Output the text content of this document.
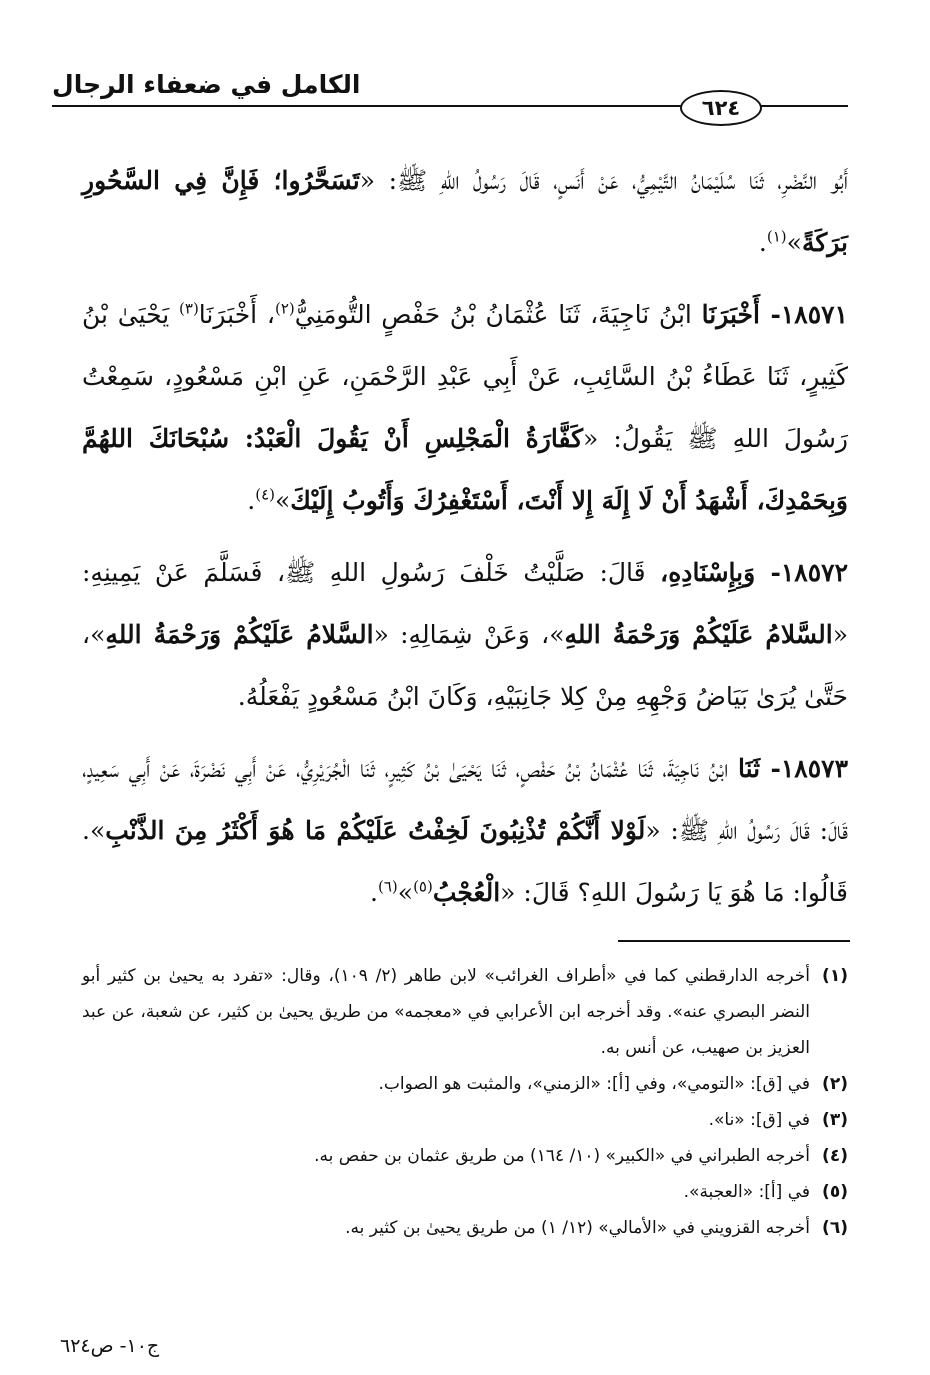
الكامل في ضعفاء الرجال
٦٢٤

أَبُو النَّضْرِ، ثَنَا سُلَيْمَانُ التَّيْمِيُّ، عَنْ أَنَسٍ، قَالَ رَسُولُ اللهِ ﷺ: «تَسَحَّرُوا؛ فَإِنَّ فِي السَّحُورِ بَرَكَةً»$^{(١)}$.

١٨٥٧١- أَخْبَرَنَا ابْنُ نَاجِيَةَ، ثَنَا عُثْمَانُ بْنُ حَفْصٍ التُّومَنِيُّ$^{(٢)}$، أَخْبَرَنَا$^{(٣)}$ يَحْيَىٰ بْنُ كَثِيرٍ، ثَنَا عَطَاءُ بْنُ السَّائِبِ، عَنْ أَبِي عَبْدِ الرَّحْمَنِ، عَنِ ابْنِ مَسْعُودٍ، سَمِعْتُ رَسُولَ اللهِ ﷺ يَقُولُ: «كَفَّارَةُ الْمَجْلِسِ أَنْ يَقُولَ الْعَبْدُ: سُبْحَانَكَ اللهُمَّ وَبِحَمْدِكَ، أَشْهَدُ أَنْ لَا إِلَهَ إِلا أَنْتَ، أَسْتَغْفِرُكَ وَأَتُوبُ إِلَيْكَ»$^{(٤)}$.

١٨٥٧٢- وَبِإِسْنَادِهِ، قَالَ: صَلَّيْتُ خَلْفَ رَسُولِ اللهِ ﷺ، فَسَلَّمَ عَنْ يَمِينِهِ: «السَّلامُ عَلَيْكُمْ وَرَحْمَةُ اللهِ»، وَعَنْ شِمَالِهِ: «السَّلامُ عَلَيْكُمْ وَرَحْمَةُ اللهِ»، حَتَّىٰ يُرَىٰ بَيَاضُ وَجْهِهِ مِنْ كِلا جَانِبَيْهِ، وَكَانَ ابْنُ مَسْعُودٍ يَفْعَلُهُ.

١٨٥٧٣- ثَنَا ابْنُ نَاجِيَةَ، ثَنَا عُثْمَانُ بْنُ حَفْصٍ، ثَنَا يَحْيَىٰ بْنُ كَثِيرٍ، ثَنَا الْجُرَيْرِيُّ، عَنْ أَبِي نَضْرَةَ، عَنْ أَبِي سَعِيدٍ، قَالَ: قَالَ رَسُولُ اللهِ ﷺ: «لَوْلا أَنَّكُمْ تُذْنِبُونَ لَخِفْتُ عَلَيْكُمْ مَا هُوَ أَكْثَرُ مِنَ الذَّنْبِ». قَالُوا: مَا هُوَ يَا رَسُولَ اللهِ؟ قَالَ: «الْعُجْبُ$^{(٥)}$»$^{(٦)}$.

(١)
أخرجه الدارقطني كما في «أطراف الغرائب» لابن طاهر (٢/ ١٠٩)، وقال: «تفرد به يحيىٰ بن كثير أبو النضر البصري عنه». وقد أخرجه ابن الأعرابي في «معجمه» من طريق يحيىٰ بن كثير، عن شعبة، عن عبد العزيز بن صهيب، عن أنس به.
(٢)
في [ق]: «التومي»، وفي [أ]: «الزمني»، والمثبت هو الصواب.
(٣)
في [ق]: «نا».
(٤)
أخرجه الطبراني في «الكبير» (١٠/ ١٦٤) من طريق عثمان بن حفص به.
(٥)
في [أ]: «العجبة».
(٦)
أخرجه القزويني في «الأمالي» (١٢/ ١) من طريق يحيىٰ بن كثير به.
ج١٠- ص٦٢٤
